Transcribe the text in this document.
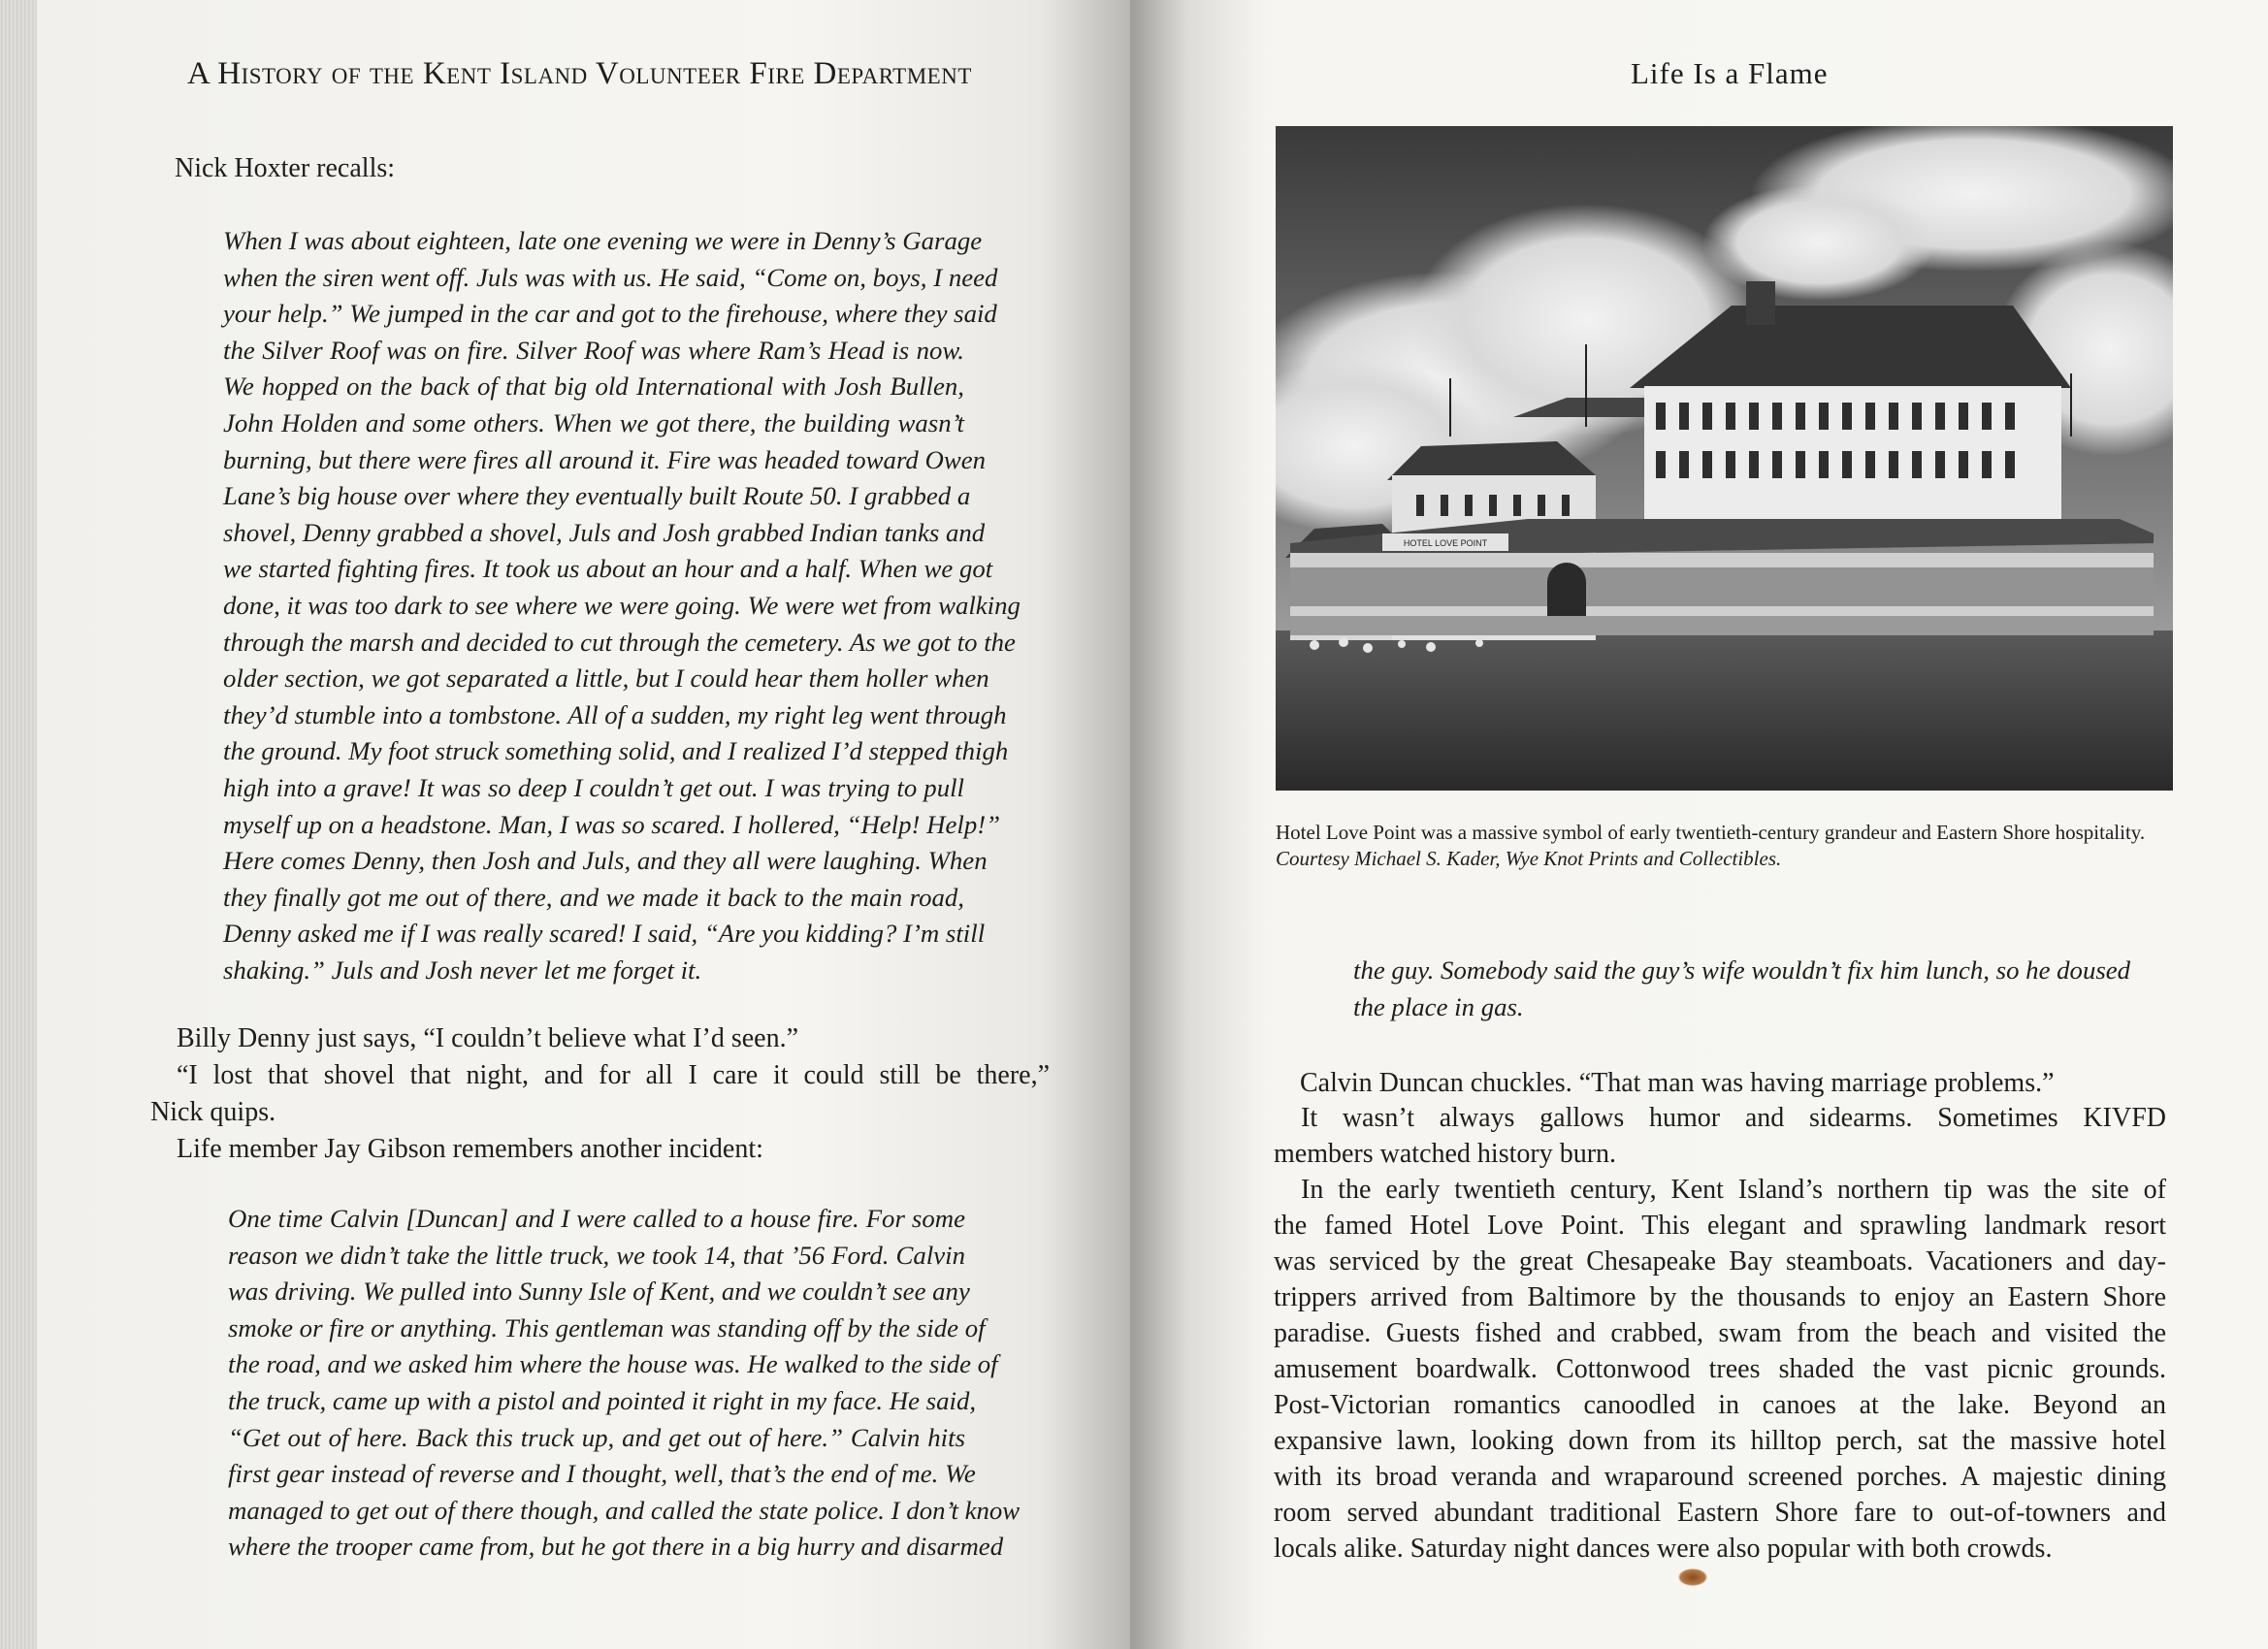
A History of the Kent Island Volunteer Fire Department

Nick Hoxter recalls:

When I was about eighteen, late one evening we were in Denny’s Garage
when the siren went off. Juls was with us. He said, “Come on, boys, I need
your help.” We jumped in the car and got to the firehouse, where they said
the Silver Roof was on fire. Silver Roof was where Ram’s Head is now.
We hopped on the back of that big old International with Josh Bullen,
John Holden and some others. When we got there, the building wasn’t
burning, but there were fires all around it. Fire was headed toward Owen
Lane’s big house over where they eventually built Route 50. I grabbed a
shovel, Denny grabbed a shovel, Juls and Josh grabbed Indian tanks and
we started fighting fires. It took us about an hour and a half. When we got
done, it was too dark to see where we were going. We were wet from walking
through the marsh and decided to cut through the cemetery. As we got to the
older section, we got separated a little, but I could hear them holler when
they’d stumble into a tombstone. All of a sudden, my right leg went through
the ground. My foot struck something solid, and I realized I’d stepped thigh
high into a grave! It was so deep I couldn’t get out. I was trying to pull
myself up on a headstone. Man, I was so scared. I hollered, “Help! Help!”
Here comes Denny, then Josh and Juls, and they all were laughing. When
they finally got me out of there, and we made it back to the main road,
Denny asked me if I was really scared! I said, “Are you kidding? I’m still
shaking.” Juls and Josh never let me forget it.

Billy Denny just says, “I couldn’t believe what I’d seen.”

“I lost that shovel that night, and for all I care it could still be there,”

Nick quips.

Life member Jay Gibson remembers another incident:

One time Calvin [Duncan] and I were called to a house fire. For some
reason we didn’t take the little truck, we took 14, that ’56 Ford. Calvin
was driving. We pulled into Sunny Isle of Kent, and we couldn’t see any
smoke or fire or anything. This gentleman was standing off by the side of
the road, and we asked him where the house was. He walked to the side of
the truck, came up with a pistol and pointed it right in my face. He said,
“Get out of here. Back this truck up, and get out of here.” Calvin hits
first gear instead of reverse and I thought, well, that’s the end of me. We
managed to get out of there though, and called the state police. I don’t know
where the trooper came from, but he got there in a big hurry and disarmed
Life Is a Flame
HOTEL LOVE POINT
Hotel Love Point was a massive symbol of early twentieth-century grandeur and Eastern Shore hospitality. Courtesy Michael S. Kader, Wye Knot Prints and Collectibles.
the guy. Somebody said the guy’s wife wouldn’t fix him lunch, so he doused
the place in gas.

Calvin Duncan chuckles. “That man was having marriage problems.”

It wasn’t always gallows humor and sidearms. Sometimes KIVFD
members watched history burn.
In the early twentieth century, Kent Island’s northern tip was the site of
the famed Hotel Love Point. This elegant and sprawling landmark resort
was serviced by the great Chesapeake Bay steamboats. Vacationers and day-
trippers arrived from Baltimore by the thousands to enjoy an Eastern Shore
paradise. Guests fished and crabbed, swam from the beach and visited the
amusement boardwalk. Cottonwood trees shaded the vast picnic grounds.
Post-Victorian romantics canoodled in canoes at the lake. Beyond an
expansive lawn, looking down from its hilltop perch, sat the massive hotel
with its broad veranda and wraparound screened porches. A majestic dining
room served abundant traditional Eastern Shore fare to out-of-towners and
locals alike. Saturday night dances were also popular with both crowds.
